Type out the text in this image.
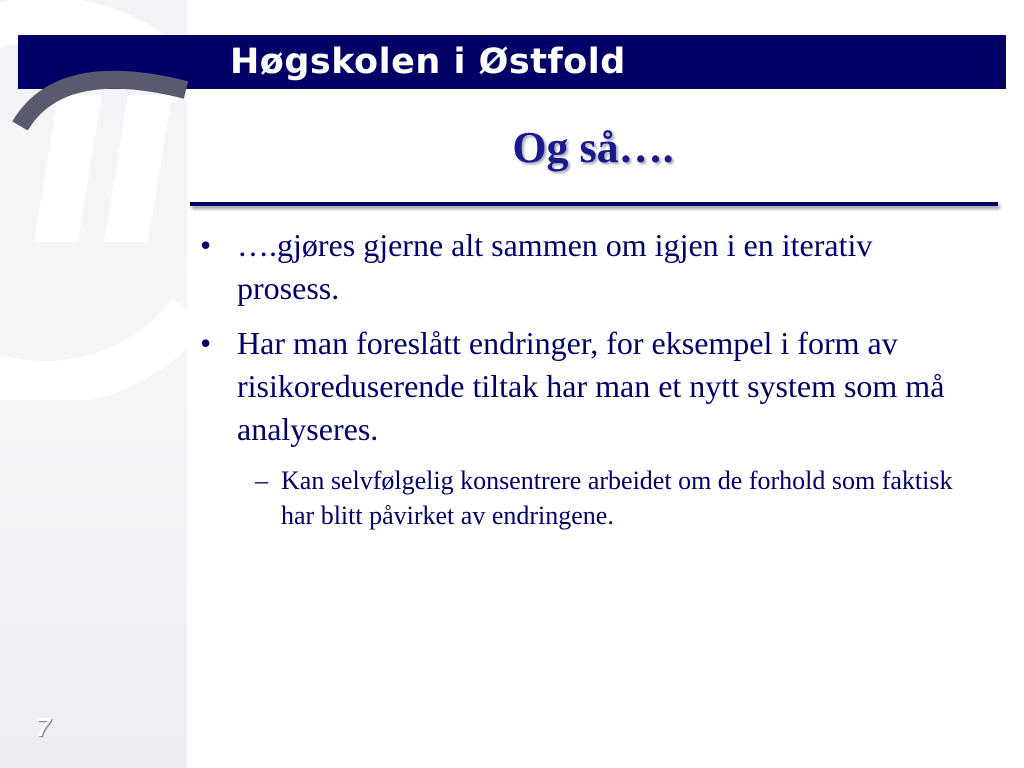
Høgskolen i Østfold
Og så….
• ….gjøres gjerne alt sammen om igjen i en iterativ prosess.
• Har man foreslått endringer, for eksempel i form av risikoreduserende tiltak har man et nytt system som må analyseres.
– Kan selvfølgelig konsentrere arbeidet om de forhold som faktisk har blitt påvirket av endringene.
7
